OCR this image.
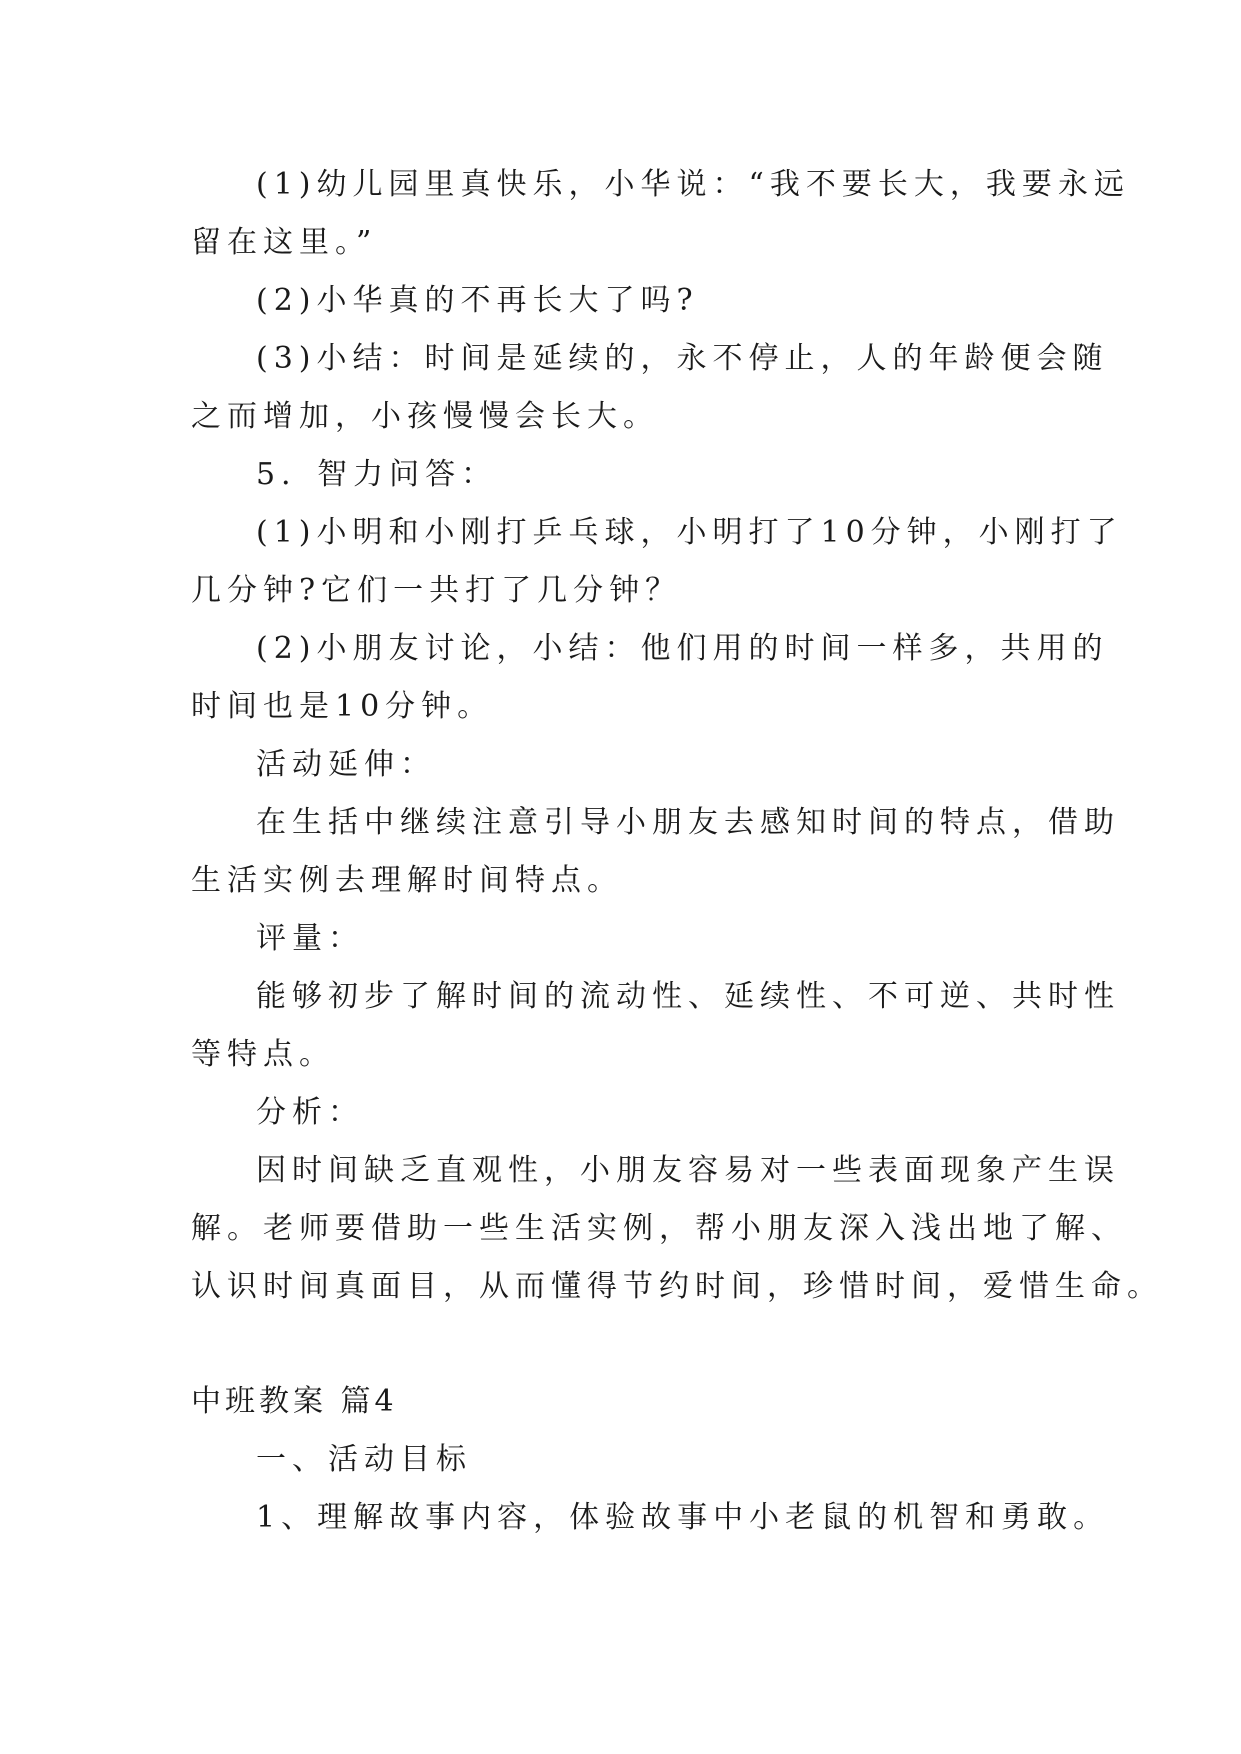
(1)幼儿园里真快乐，小华说：“我不要长大，我要永远
留在这里。”
(2)小华真的不再长大了吗?
(3)小结：时间是延续的，永不停止，人的年龄便会随
之而增加，小孩慢慢会长大。
5．智力问答：
(1)小明和小刚打乒乓球，小明打了10分钟，小刚打了
几分钟?它们一共打了几分钟？
(2)小朋友讨论，小结：他们用的时间一样多，共用的
时间也是10分钟。
活动延伸：
在生括中继续注意引导小朋友去感知时间的特点，借助
生活实例去理解时间特点。
评量：
能够初步了解时间的流动性、延续性、不可逆、共时性
等特点。
分析：
因时间缺乏直观性，小朋友容易对一些表面现象产生误
解。老师要借助一些生活实例，帮小朋友深入浅出地了解、
认识时间真面目，从而懂得节约时间，珍惜时间，爱惜生命。
中班教案 篇4
一、活动目标
1、理解故事内容，体验故事中小老鼠的机智和勇敢。
